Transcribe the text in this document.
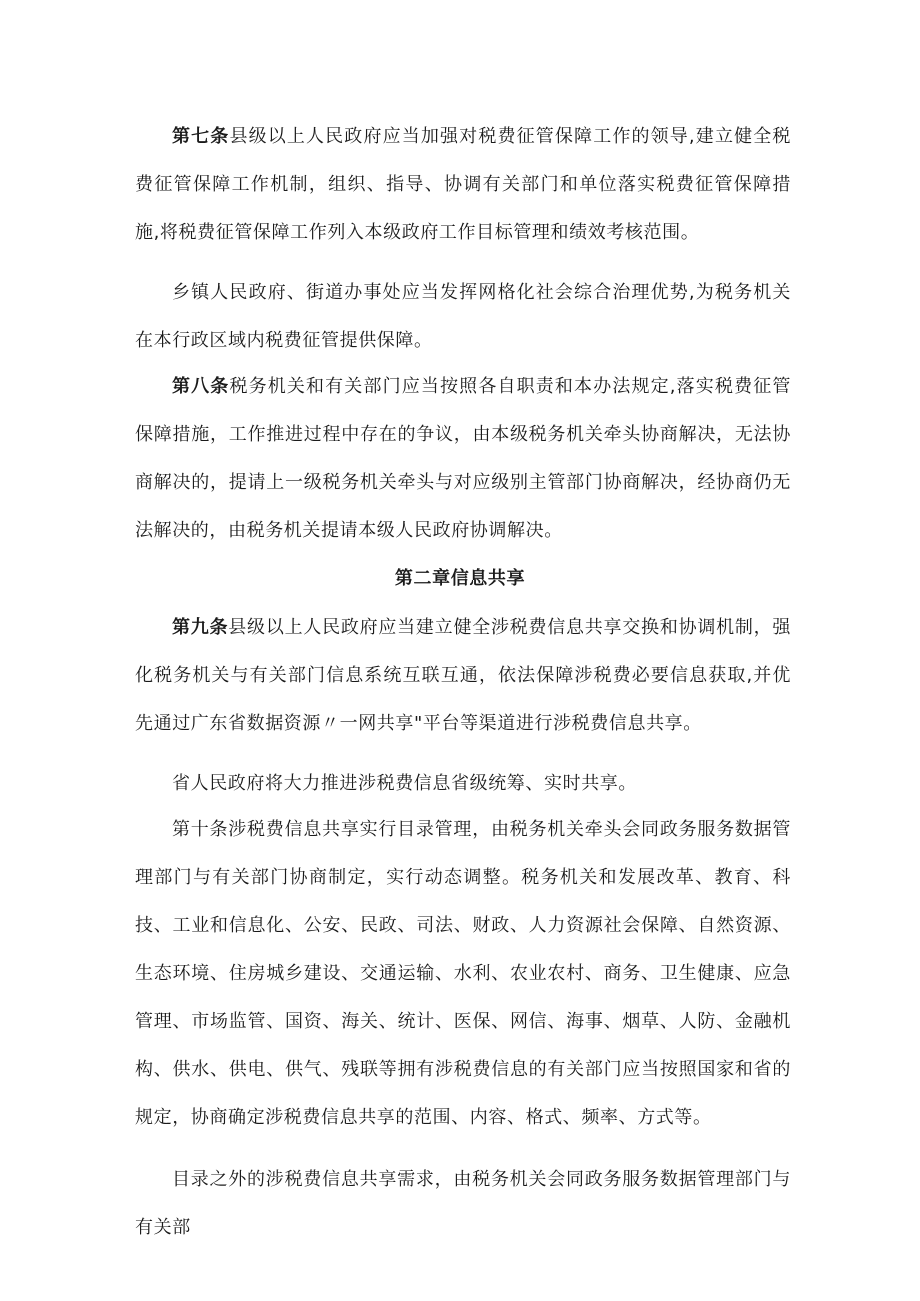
第七条县级以上人民政府应当加强对税费征管保障工作的领导,建立健全税费征管保障工作机制，组织、指导、协调有关部门和单位落实税费征管保障措施,将税费征管保障工作列入本级政府工作目标管理和绩效考核范围。

乡镇人民政府、街道办事处应当发挥网格化社会综合治理优势,为税务机关在本行政区域内税费征管提供保障。

第八条税务机关和有关部门应当按照各自职责和本办法规定,落实税费征管保障措施，工作推进过程中存在的争议，由本级税务机关牵头协商解决，无法协商解决的，提请上一级税务机关牵头与对应级别主管部门协商解决，经协商仍无法解决的，由税务机关提请本级人民政府协调解决。

第二章信息共享

第九条县级以上人民政府应当建立健全涉税费信息共享交换和协调机制，强化税务机关与有关部门信息系统互联互通，依法保障涉税费必要信息获取,并优先通过广东省数据资源〃一网共享"平台等渠道进行涉税费信息共享。

省人民政府将大力推进涉税费信息省级统筹、实时共享。

第十条涉税费信息共享实行目录管理，由税务机关牵头会同政务服务数据管理部门与有关部门协商制定，实行动态调整。税务机关和发展改革、教育、科技、工业和信息化、公安、民政、司法、财政、人力资源社会保障、自然资源、生态环境、住房城乡建设、交通运输、水利、农业农村、商务、卫生健康、应急管理、市场监管、国资、海关、统计、医保、网信、海事、烟草、人防、金融机构、供水、供电、供气、残联等拥有涉税费信息的有关部门应当按照国家和省的规定，协商确定涉税费信息共享的范围、内容、格式、频率、方式等。

目录之外的涉税费信息共享需求，由税务机关会同政务服务数据管理部门与有关部
